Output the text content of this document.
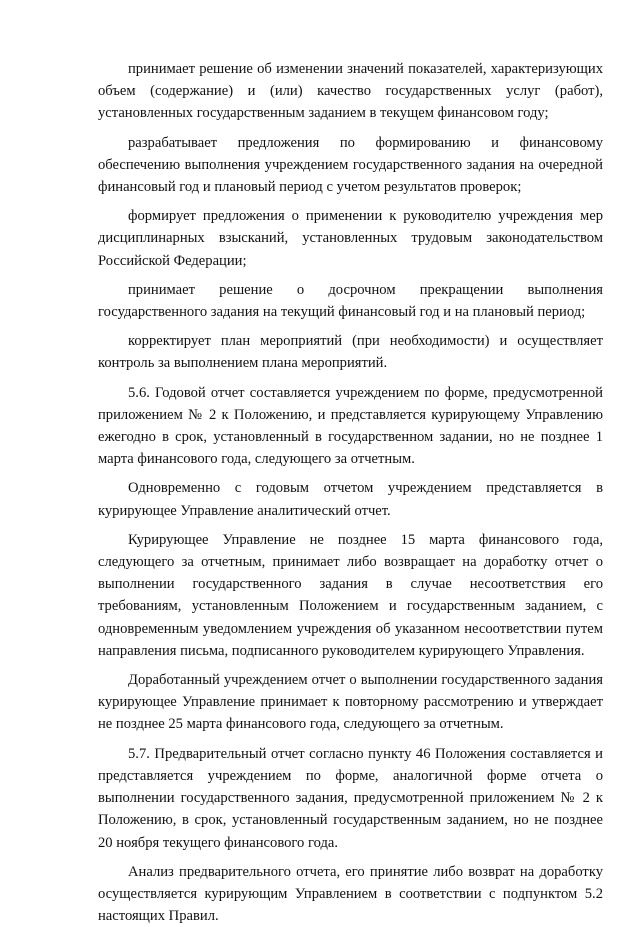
принимает решение об изменении значений показателей, характеризующих объем (содержание) и (или) качество государственных услуг (работ), установленных государственным заданием в текущем финансовом году;

разрабатывает предложения по формированию и финансовому обеспечению выполнения учреждением государственного задания на очередной финансовый год и плановый период с учетом результатов проверок;

формирует предложения о применении к руководителю учреждения мер дисциплинарных взысканий, установленных трудовым законодательством Российской Федерации;

принимает решение о досрочном прекращении выполнения государственного задания на текущий финансовый год и на плановый период;

корректирует план мероприятий (при необходимости) и осуществляет контроль за выполнением плана мероприятий.

5.6. Годовой отчет составляется учреждением по форме, предусмотренной приложением № 2 к Положению, и представляется курирующему Управлению ежегодно в срок, установленный в государственном задании, но не позднее 1 марта финансового года, следующего за отчетным.

Одновременно с годовым отчетом учреждением представляется в курирующее Управление аналитический отчет.

Курирующее Управление не позднее 15 марта финансового года, следующего за отчетным, принимает либо возвращает на доработку отчет о выполнении государственного задания в случае несоответствия его требованиям, установленным Положением и государственным заданием, с одновременным уведомлением учреждения об указанном несоответствии путем направления письма, подписанного руководителем курирующего Управления.

Доработанный учреждением отчет о выполнении государственного задания курирующее Управление принимает к повторному рассмотрению и утверждает не позднее 25 марта финансового года, следующего за отчетным.

5.7. Предварительный отчет согласно пункту 46 Положения составляется и представляется учреждением по форме, аналогичной форме отчета о выполнении государственного задания, предусмотренной приложением № 2 к Положению, в срок, установленный государственным заданием, но не позднее 20 ноября текущего финансового года.

Анализ предварительного отчета, его принятие либо возврат на доработку осуществляется курирующим Управлением в соответствии с подпунктом 5.2 настоящих Правил.
